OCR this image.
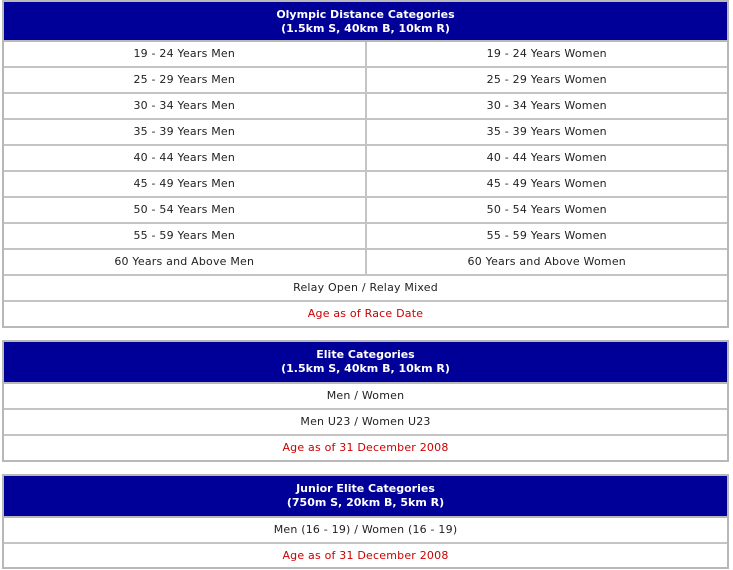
Olympic Distance Categories
(1.5km S, 40km B, 10km R)
19 - 24 Years Men	19 - 24 Years Women
25 - 29 Years Men	25 - 29 Years Women
30 - 34 Years Men	30 - 34 Years Women
35 - 39 Years Men	35 - 39 Years Women
40 - 44 Years Men	40 - 44 Years Women
45 - 49 Years Men	45 - 49 Years Women
50 - 54 Years Men	50 - 54 Years Women
55 - 59 Years Men	55 - 59 Years Women
60 Years and Above Men	60 Years and Above Women
Relay Open / Relay Mixed
Age as of Race Date
Elite Categories
(1.5km S, 40km B, 10km R)
Men / Women
Men U23 / Women U23
Age as of 31 December 2008
Junior Elite Categories
(750m S, 20km B, 5km R)
Men (16 - 19) / Women (16 - 19)
Age as of 31 December 2008
